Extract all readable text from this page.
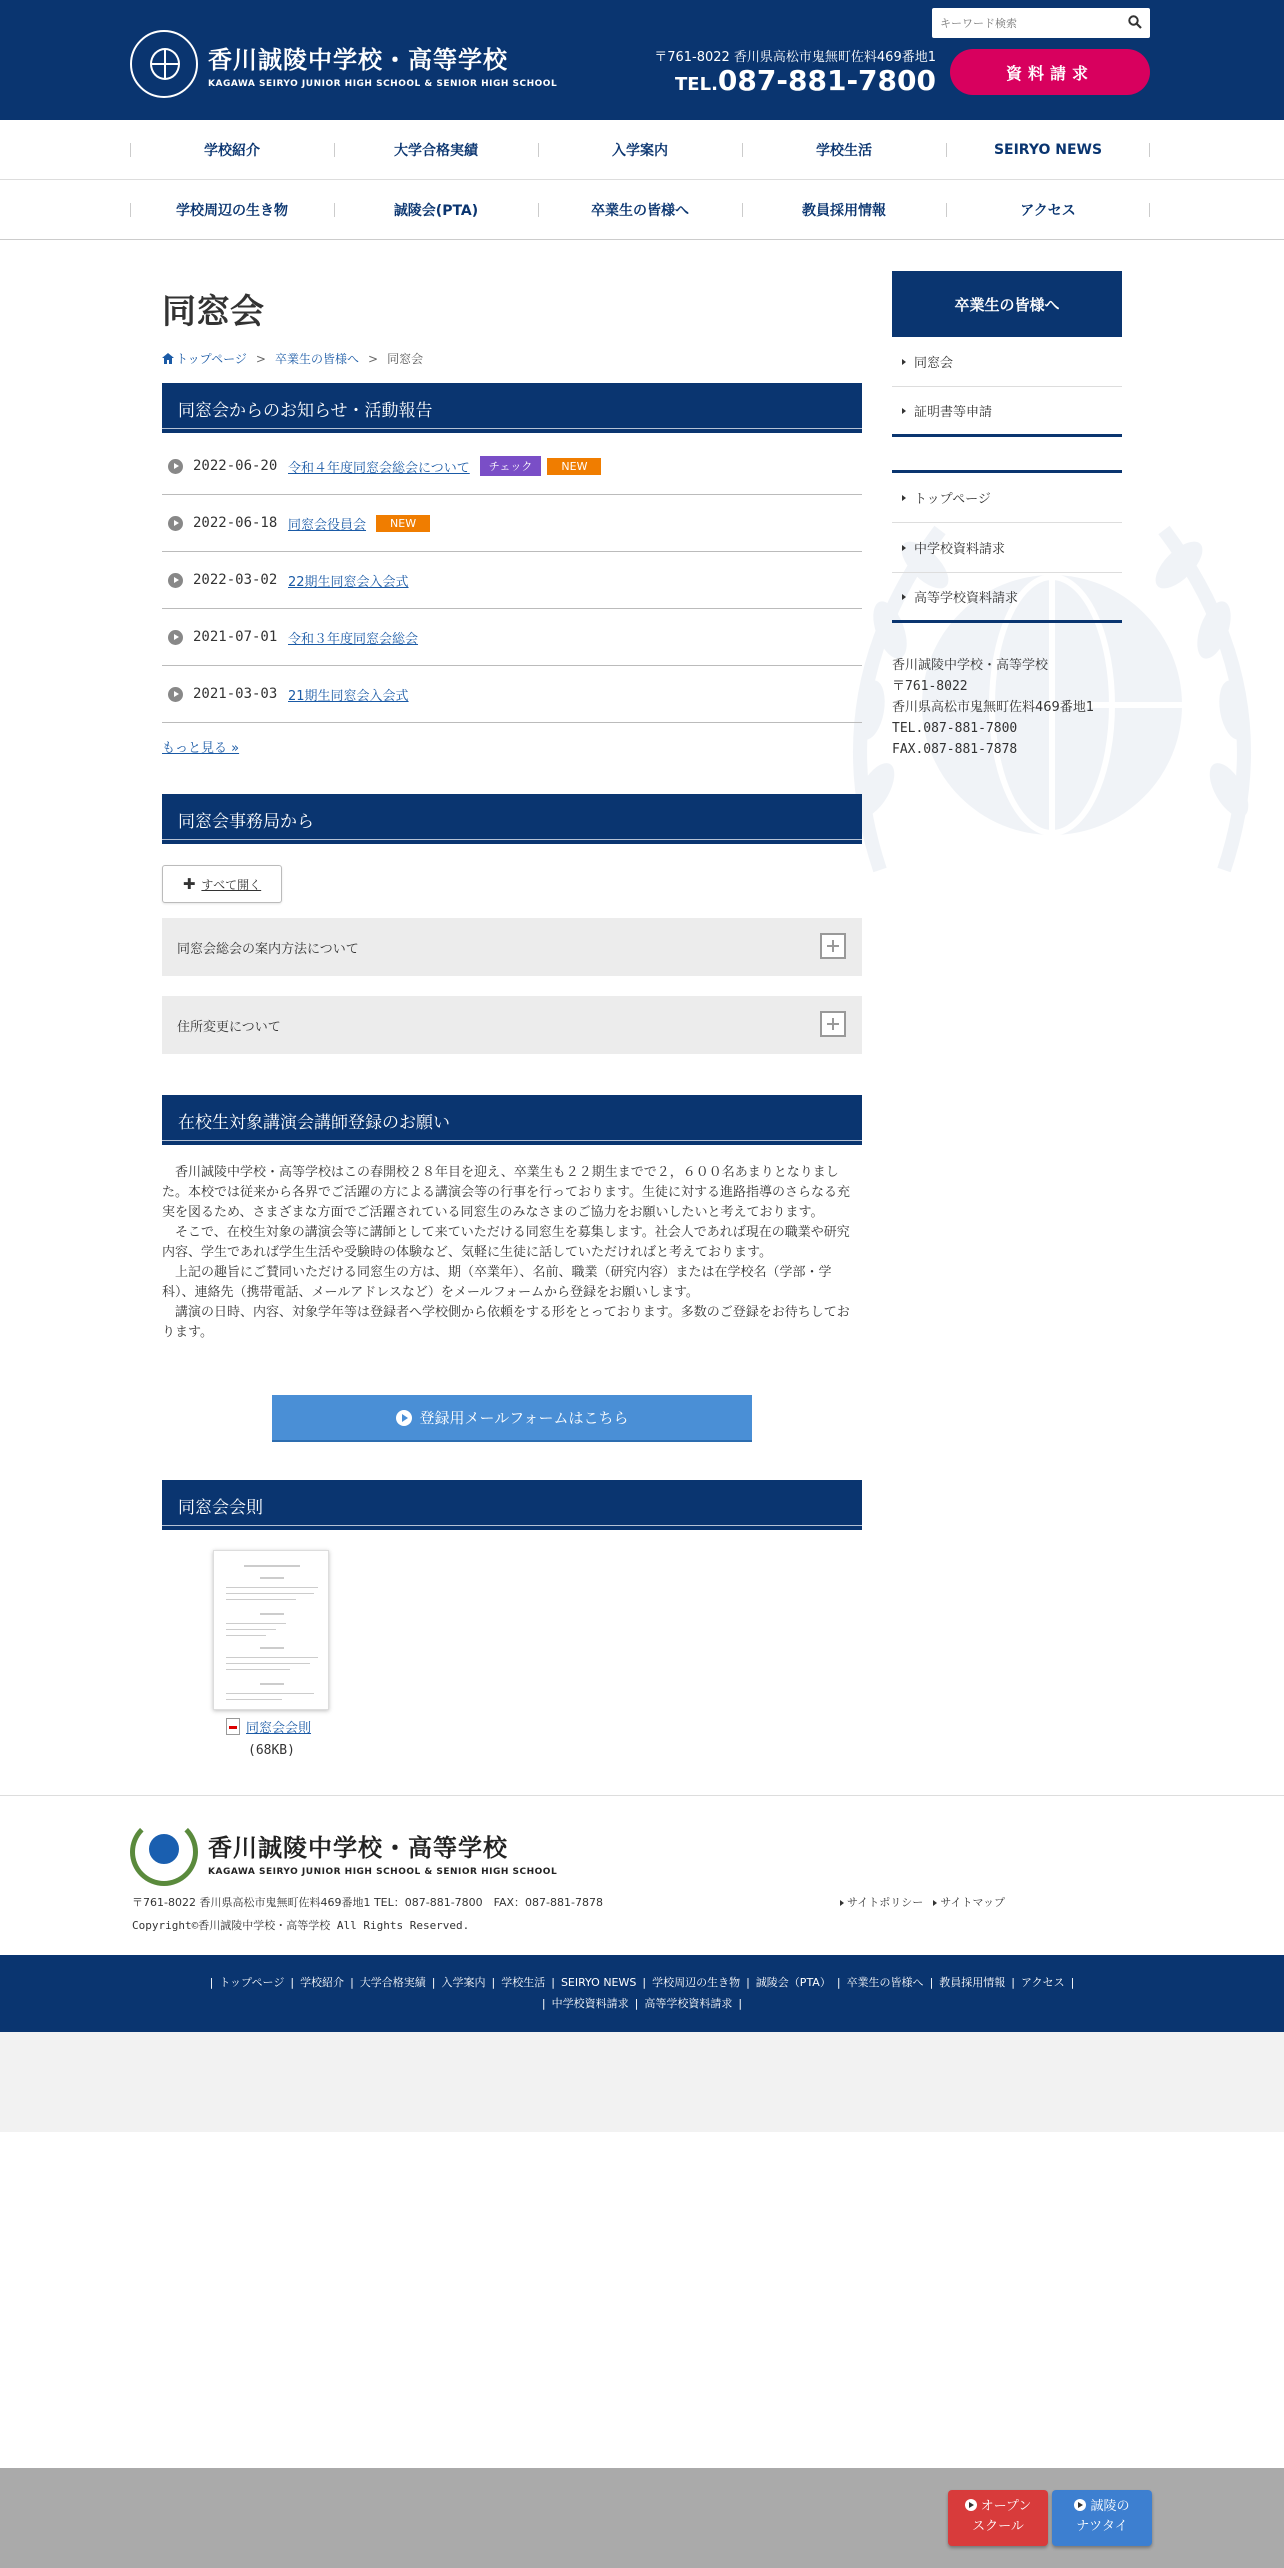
香川誠陵中学校・高等学校
KAGAWA SEIRYO JUNIOR HIGH SCHOOL & SENIOR HIGH SCHOOL
キーワード検索
〒761-8022 香川県高松市鬼無町佐料469番地1
TEL.087-881-7800	資料請求
学校紹介	大学合格実績	入学案内	学校生活	SEIRYO NEWS
学校周辺の生き物	誠陵会(PTA)	卒業生の皆様へ	教員採用情報	アクセス
同窓会
トップページ > 卒業生の皆様へ > 同窓会
同窓会からのお知らせ・活動報告
2022-06-20 令和４年度同窓会総会について	チェック	NEW
2022-06-18 同窓会役員会	NEW
2022-03-02 22期生同窓会入会式
2021-07-01 令和３年度同窓会総会
2021-03-03 21期生同窓会入会式
もっと見る »
同窓会事務局から
✚ すべて開く
同窓会総会の案内方法について
住所変更について
在校生対象講演会講師登録のお願い

香川誠陵中学校・高等学校はこの春開校２８年目を迎え、卒業生も２２期生までで２，６００名あまりとなりました。本校では従来から各界でご活躍の方による講演会等の行事を行っております。生徒に対する進路指導のさらなる充実を図るため、さまざまな方面でご活躍されている同窓生のみなさまのご協力をお願いしたいと考えております。

そこで、在校生対象の講演会等に講師として来ていただける同窓生を募集します。社会人であれば現在の職業や研究内容、学生であれば学生生活や受験時の体験など、気軽に生徒に話していただければと考えております。

上記の趣旨にご賛同いただける同窓生の方は、期（卒業年）、名前、職業（研究内容）または在学校名（学部・学科）、連絡先（携帯電話、メールアドレスなど）をメールフォームから登録をお願いします。

講演の日時、内容、対象学年等は登録者へ学校側から依頼をする形をとっております。多数のご登録をお待ちしております。

登録用メールフォームはこちら
同窓会会則
同窓会会則
(68KB)
卒業生の皆様へ
同窓会
証明書等申請
トップページ
中学校資料請求
高等学校資料請求
香川誠陵中学校・高等学校
〒761-8022
香川県高松市鬼無町佐料469番地1
TEL.087-881-7800
FAX.087-881-7878
香川誠陵中学校・高等学校
KAGAWA SEIRYO JUNIOR HIGH SCHOOL & SENIOR HIGH SCHOOL
〒761-8022 香川県高松市鬼無町佐料469番地1 TEL：087-881-7800　FAX：087-881-7878
Copyright©香川誠陵中学校・高等学校 All Rights Reserved.
サイトポリシー	サイトマップ
| トップページ | 学校紹介 | 大学合格実績 | 入学案内 | 学校生活 | SEIRYO NEWS | 学校周辺の生き物 | 誠陵会（PTA） | 卒業生の皆様へ | 教員採用情報 | アクセス |
| 中学校資料請求 | 高等学校資料請求 |
オープン
スクール
誠陵の
ナツタイ
